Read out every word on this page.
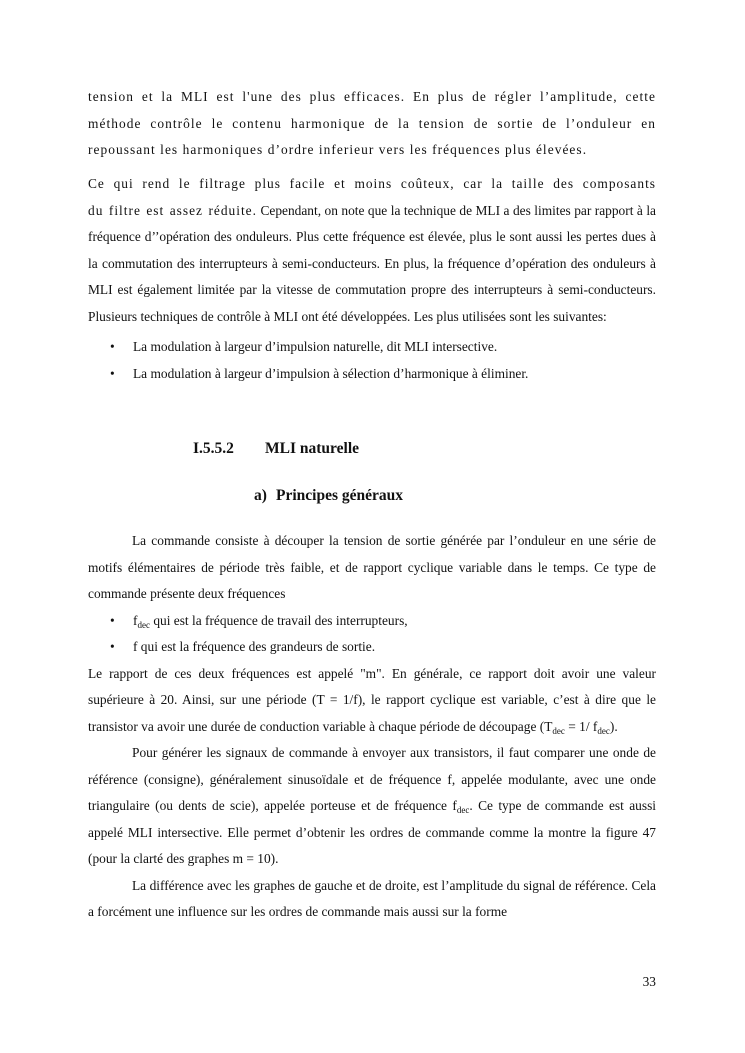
tension et la MLI est l'une des plus efficaces. En plus de régler l’amplitude, cette
méthode contrôle le contenu harmonique de la tension de sortie de l’onduleur en
repoussant les harmoniques d’ordre inferieur vers les fréquences plus élevées.
Ce qui rend le filtrage plus facile et moins coûteux, car la taille des composants
du filtre est assez réduite. Cependant, on note que la technique de MLI a des limites par rapport à la fréquence d’’opération des onduleurs. Plus cette fréquence est élevée, plus le sont aussi les pertes dues à la commutation des interrupteurs à semi-conducteurs. En plus, la fréquence d’opération des onduleurs à MLI est également limitée par la vitesse de commutation propre des interrupteurs à semi-conducteurs. Plusieurs techniques de contrôle à MLI ont été développées. Les plus utilisées sont les suivantes:
• La modulation à largeur d’impulsion naturelle, dit MLI intersective.
• La modulation à largeur d’impulsion à sélection d’harmonique à éliminer.
I.5.5.2 MLI naturelle
a) Principes généraux
La commande consiste à découper la tension de sortie générée par l’onduleur en une série de motifs élémentaires de période très faible, et de rapport cyclique variable dans le temps. Ce type de commande présente deux fréquences
• $f_{dec}$ qui est la fréquence de travail des interrupteurs,
• f qui est la fréquence des grandeurs de sortie.
Le rapport de ces deux fréquences est appelé "m". En générale, ce rapport doit avoir une valeur supérieure à 20. Ainsi, sur une période (T = 1/f), le rapport cyclique est variable, c’est à dire que le transistor va avoir une durée de conduction variable à chaque période de découpage ($T_{dec} = 1/$ $f_{dec}$).
Pour générer les signaux de commande à envoyer aux transistors, il faut comparer une onde de référence (consigne), généralement sinusoïdale et de fréquence f, appelée modulante, avec une onde triangulaire (ou dents de scie), appelée porteuse et de fréquence $f_{dec}$. Ce type de commande est aussi appelé MLI intersective. Elle permet d’obtenir les ordres de commande comme la montre la figure 47 (pour la clarté des graphes m = 10).
La différence avec les graphes de gauche et de droite, est l’amplitude du signal de référence. Cela a forcément une influence sur les ordres de commande mais aussi sur la forme
33
